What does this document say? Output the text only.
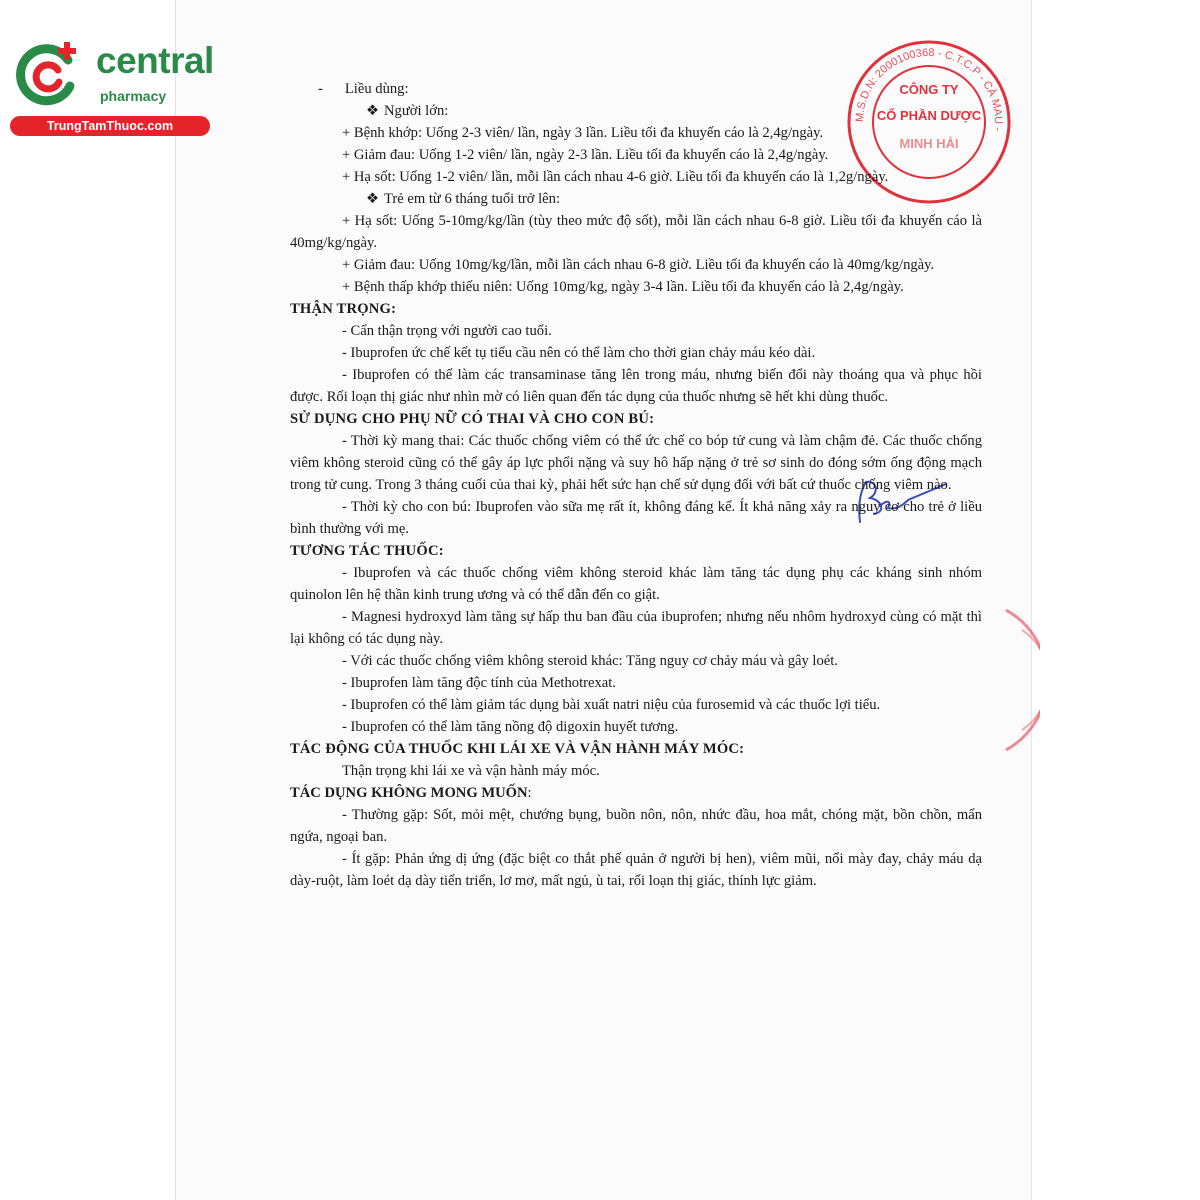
central
pharmacy
TrungTamThuoc.com
M.S.D.N: 2000100368 - C.T.C.P - CÀ MAU -
CÔNG TY
CỔ PHẦN DƯỢC
MINH HẢI

- Liều dùng:

❖ Người lớn:

+ Bệnh khớp: Uống 2-3 viên/ lần, ngày 3 lần. Liều tối đa khuyến cáo là 2,4g/ngày.

+ Giảm đau: Uống 1-2 viên/ lần, ngày 2-3 lần. Liều tối đa khuyến cáo là 2,4g/ngày.

+ Hạ sốt: Uống 1-2 viên/ lần, mỗi lần cách nhau 4-6 giờ. Liều tối đa khuyến cáo là 1,2g/ngày.

❖ Trẻ em từ 6 tháng tuổi trở lên:

+ Hạ sốt: Uống 5-10mg/kg/lần (tùy theo mức độ sốt), mỗi lần cách nhau 6-8 giờ. Liều tối đa khuyến cáo là 40mg/kg/ngày.

+ Giảm đau: Uống 10mg/kg/lần, mỗi lần cách nhau 6-8 giờ. Liều tối đa khuyến cáo là 40mg/kg/ngày.

+ Bệnh thấp khớp thiếu niên: Uống 10mg/kg, ngày 3-4 lần. Liều tối đa khuyến cáo là 2,4g/ngày.

THẬN TRỌNG:

- Cẩn thận trọng với người cao tuổi.

- Ibuprofen ức chế kết tụ tiểu cầu nên có thể làm cho thời gian chảy máu kéo dài.

- Ibuprofen có thể làm các transaminase tăng lên trong máu, nhưng biến đổi này thoáng qua và phục hồi được. Rối loạn thị giác như nhìn mờ có liên quan đến tác dụng của thuốc nhưng sẽ hết khi dùng thuốc.

SỬ DỤNG CHO PHỤ NỮ CÓ THAI VÀ CHO CON BÚ:

- Thời kỳ mang thai: Các thuốc chống viêm có thể ức chế co bóp tử cung và làm chậm đẻ. Các thuốc chống viêm không steroid cũng có thể gây áp lực phổi nặng và suy hô hấp nặng ở trẻ sơ sinh do đóng sớm ống động mạch trong tử cung. Trong 3 tháng cuối của thai kỳ, phải hết sức hạn chế sử dụng đối với bất cứ thuốc chống viêm nào.

- Thời kỳ cho con bú: Ibuprofen vào sữa mẹ rất ít, không đáng kể. Ít khả năng xảy ra nguy cơ cho trẻ ở liều bình thường với mẹ.

TƯƠNG TÁC THUỐC:

- Ibuprofen và các thuốc chống viêm không steroid khác làm tăng tác dụng phụ các kháng sinh nhóm quinolon lên hệ thần kinh trung ương và có thể dẫn đến co giật.

- Magnesi hydroxyd làm tăng sự hấp thu ban đầu của ibuprofen; nhưng nếu nhôm hydroxyd cùng có mặt thì lại không có tác dụng này.

- Với các thuốc chống viêm không steroid khác: Tăng nguy cơ chảy máu và gây loét.

- Ibuprofen làm tăng độc tính của Methotrexat.

- Ibuprofen có thể làm giảm tác dụng bài xuất natri niệu của furosemid và các thuốc lợi tiểu.

- Ibuprofen có thể làm tăng nồng độ digoxin huyết tương.

TÁC ĐỘNG CỦA THUỐC KHI LÁI XE VÀ VẬN HÀNH MÁY MÓC:

Thận trọng khi lái xe và vận hành máy móc.

TÁC DỤNG KHÔNG MONG MUỐN:

- Thường gặp: Sốt, mỏi mệt, chướng bụng, buồn nôn, nôn, nhức đầu, hoa mắt, chóng mặt, bồn chồn, mẩn ngứa, ngoại ban.

- Ít gặp: Phản ứng dị ứng (đặc biệt co thắt phế quản ở người bị hen), viêm mũi, nổi mày đay, chảy máu dạ dày-ruột, làm loét dạ dày tiến triển, lơ mơ, mất ngủ, ù tai, rối loạn thị giác, thính lực giảm.
